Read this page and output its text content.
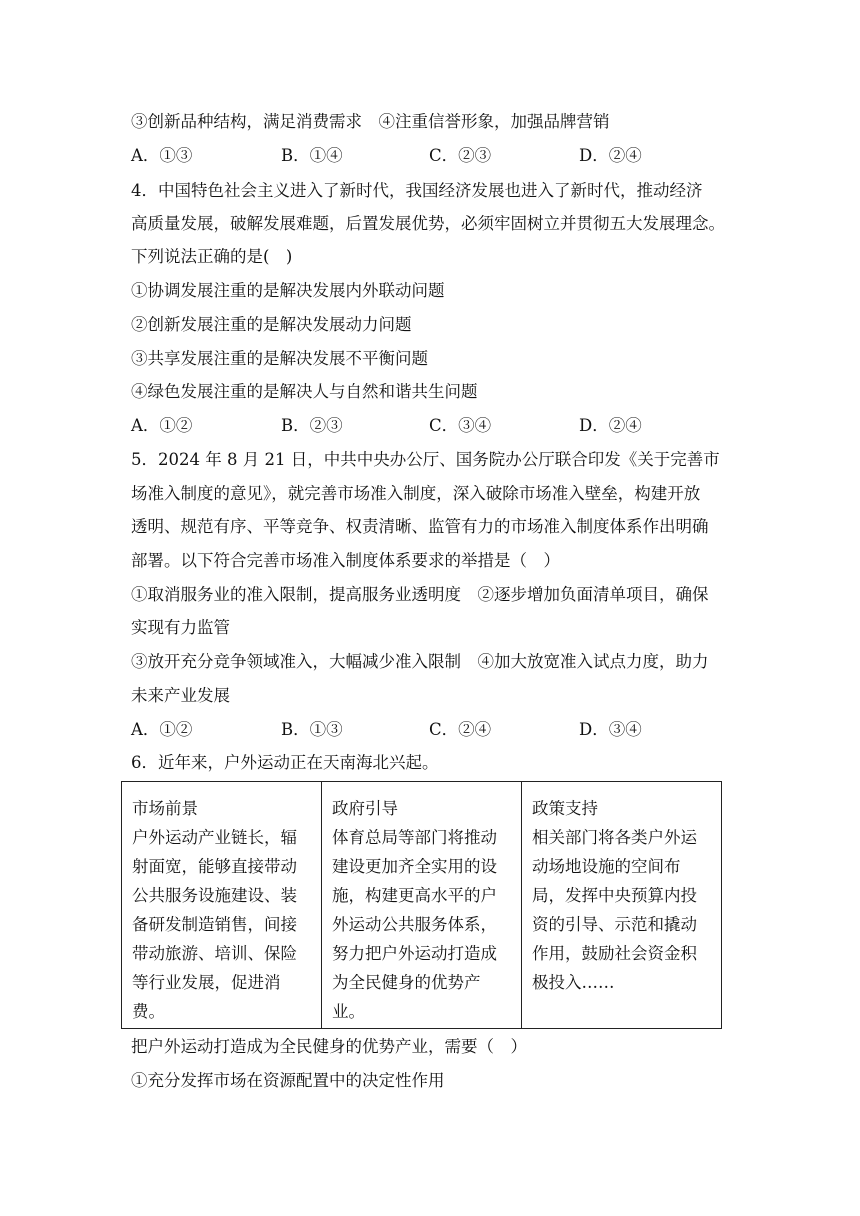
③创新品种结构，满足消费需求　④注重信誉形象，加强品牌营销
A．①③	B．①④	C．②③	D．②④
4．中国特色社会主义进入了新时代，我国经济发展也进入了新时代，推动经济
高质量发展，破解发展难题，后置发展优势，必须牢固树立并贯彻五大发展理念。
下列说法正确的是(　)
①协调发展注重的是解决发展内外联动问题
②创新发展注重的是解决发展动力问题
③共享发展注重的是解决发展不平衡问题
④绿色发展注重的是解决人与自然和谐共生问题
A．①②	B．②③	C．③④	D．②④
5．2024 年 8 月 21 日，中共中央办公厅、国务院办公厅联合印发《关于完善市
场准入制度的意见》，就完善市场准入制度，深入破除市场准入壁垒，构建开放
透明、规范有序、平等竞争、权责清晰、监管有力的市场准入制度体系作出明确
部署。以下符合完善市场准入制度体系要求的举措是（　）
①取消服务业的准入限制，提高服务业透明度　②逐步增加负面清单项目，确保
实现有力监管
③放开充分竞争领域准入，大幅减少准入限制　④加大放宽准入试点力度，助力
未来产业发展
A．①②	B．①③	C．②④	D．③④
6．近年来，户外运动正在天南海北兴起。
市场前景
户外运动产业链长，辐射面宽，能够直接带动公共服务设施建设、装备研发制造销售，间接带动旅游、培训、保险等行业发展，促进消费。	
政府引导
体育总局等部门将推动建设更加齐全实用的设施，构建更高水平的户外运动公共服务体系，努力把户外运动打造成为全民健身的优势产业。	
政策支持
相关部门将各类户外运动场地设施的空间布局，发挥中央预算内投资的引导、示范和撬动作用，鼓励社会资金积极投入……
把户外运动打造成为全民健身的优势产业，需要（　）
①充分发挥市场在资源配置中的决定性作用
